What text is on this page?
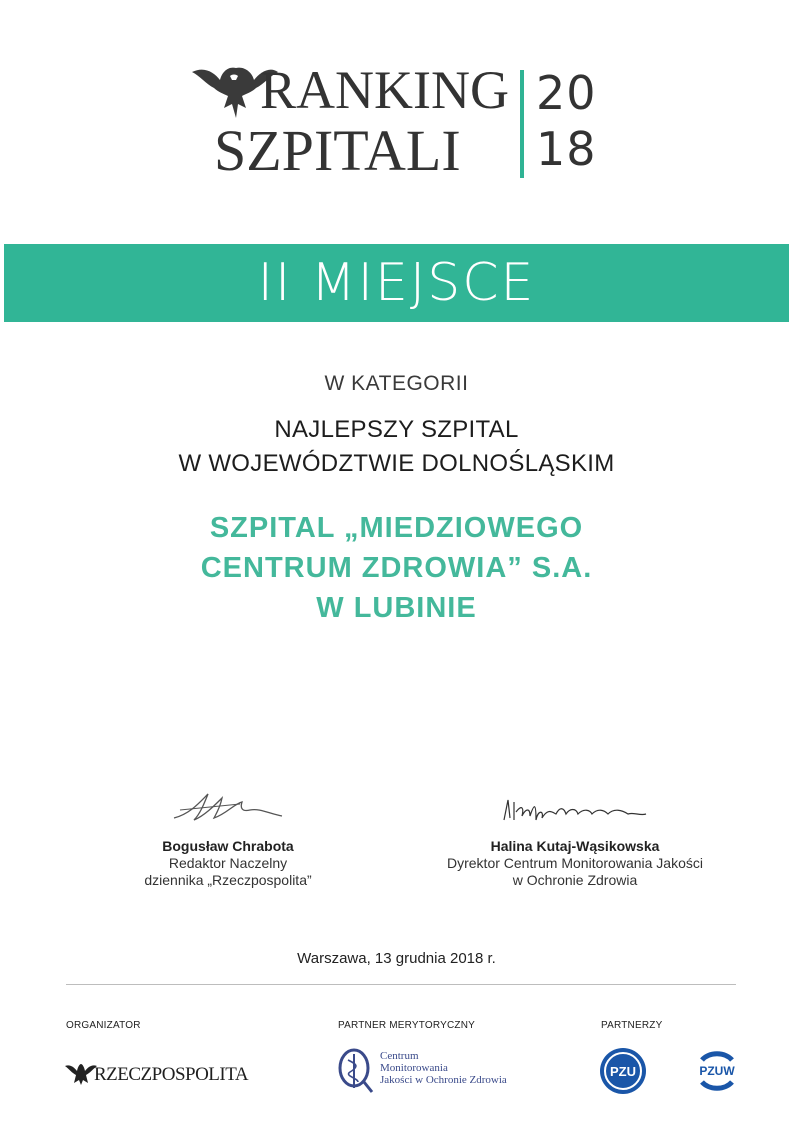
RANKING
SZPITALI
20
18
II MIEJSCE
W KATEGORII
NAJLEPSZY SZPITAL
W WOJEWÓDZTWIE DOLNOŚLĄSKIM
SZPITAL „MIEDZIOWEGO
CENTRUM ZDROWIA” S.A.
W LUBINIE
Bogusław Chrabota
Redaktor Naczelny
dziennika „Rzeczpospolita”
Halina Kutaj-Wąsikowska
Dyrektor Centrum Monitorowania Jakości
w Ochronie Zdrowia
Warszawa, 13 grudnia 2018 r.
ORGANIZATOR	PARTNER MERYTORYCZNY	PARTNERZY
RZECZPOSPOLITA
Centrum
Monitorowania
Jakości w Ochronie Zdrowia
PZU	PZUW
